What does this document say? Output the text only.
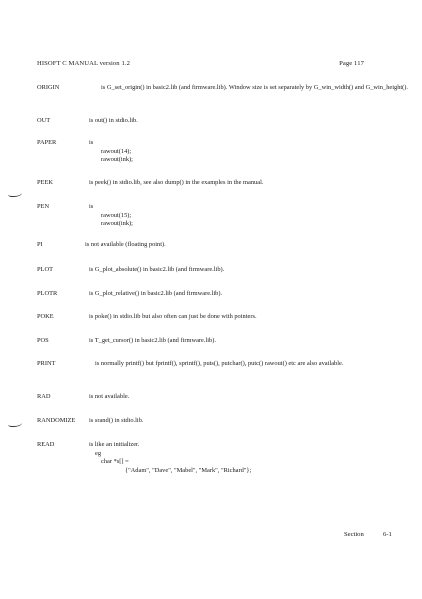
HISOFT C MANUAL version 1.2	Page 117
ORIGIN	is G_set_origin() in basic2.lib (and firmware.lib). Window size is set separately by G_win_width() and G_win_height().
OUT	is out() in stdio.lib.
PAPER	is
rawout(14);
rawout(ink);
PEEK	is peek() in stdio.lib, see also dump() in the examples in the manual.
PEN	is
rawout(15);
rawout(ink);
PI	is not available (floating point).
PLOT	is G_plot_absolute() in basic2.lib (and firmware.lib).
PLOTR	is G_plot_relative() in basic2.lib (and firmware.lib).
POKE	is poke() in stdio.lib but also often can just be done with pointers.
POS	is T_get_cursor() in basic2.lib (and firmware.lib).
PRINT	is normally printf() but fprintf(), sprintf(), puts(), putchar(), putc() rawout() etc are also available.
RAD	is not available.
RANDOMIZE is srand() in stdio.lib.
READ	is like an initializer.
eg
char *s[] =
{"Adam", "Dave", "Mabel", "Mark", "Richard"};
Section	6-1
